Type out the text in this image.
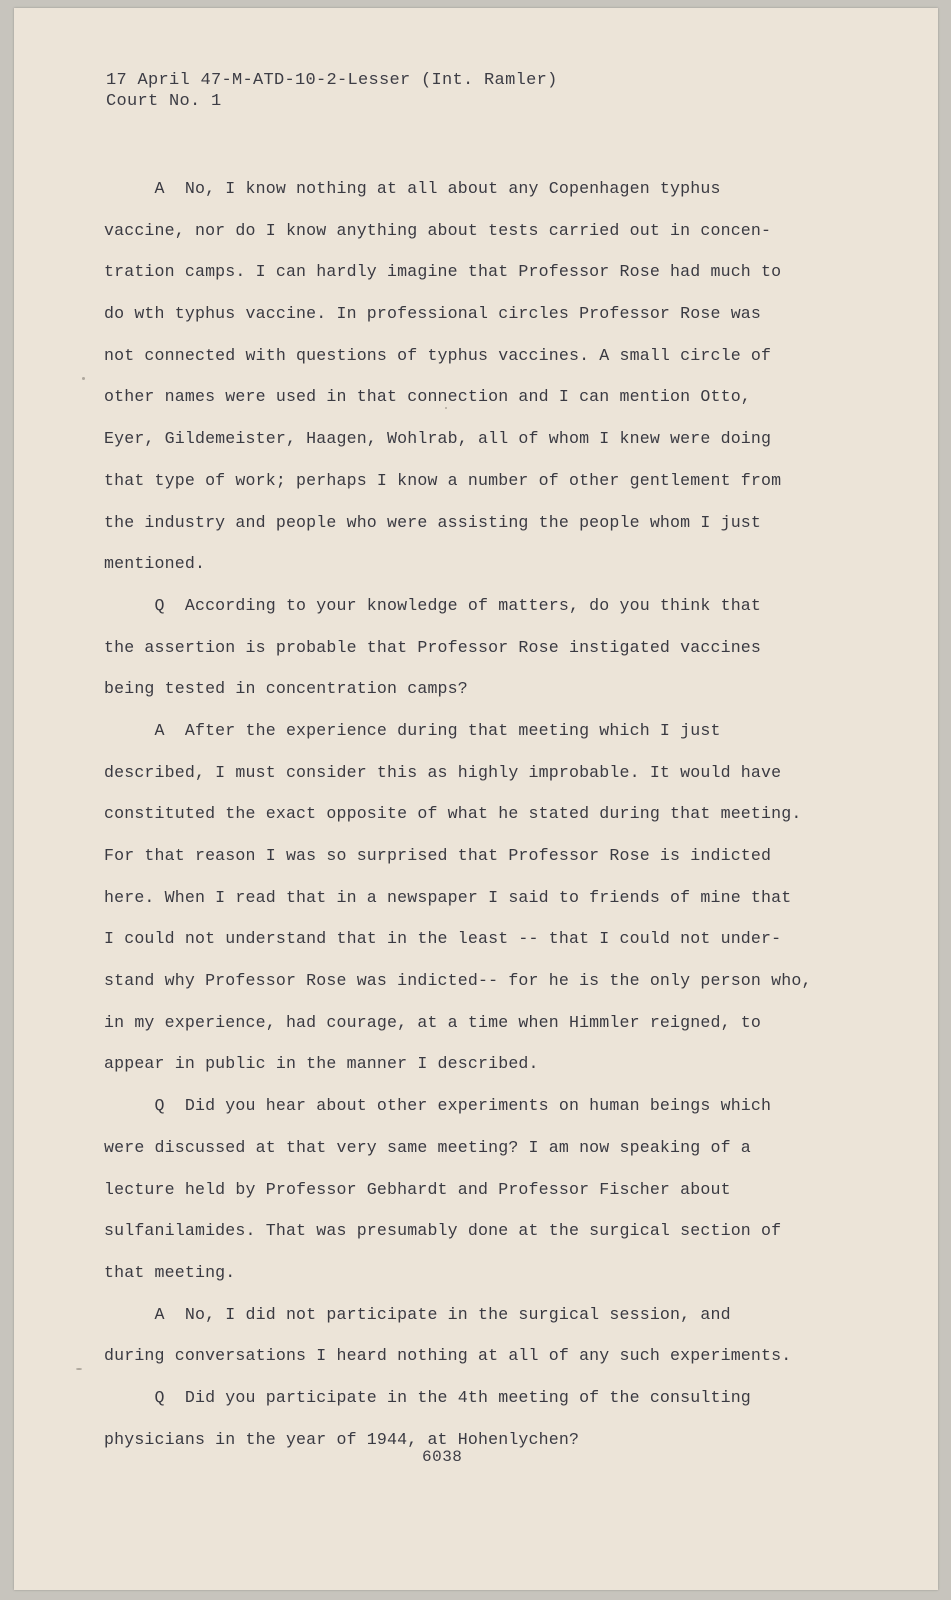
17 April 47-M-ATD-10-2-Lesser (Int. Ramler)
Court No. 1
A  No, I know nothing at all about any Copenhagen typhus
vaccine, nor do I know anything about tests carried out in concen-
tration camps. I can hardly imagine that Professor Rose had much to
do wth typhus vaccine. In professional circles Professor Rose was
not connected with questions of typhus vaccines. A small circle of
other names were used in that connection and I can mention Otto,
Eyer, Gildemeister, Haagen, Wohlrab, all of whom I knew were doing
that type of work; perhaps I know a number of other gentlement from
the industry and people who were assisting the people whom I just
mentioned.
Q  According to your knowledge of matters, do you think that
the assertion is probable that Professor Rose instigated vaccines
being tested in concentration camps?
A  After the experience during that meeting which I just
described, I must consider this as highly improbable. It would have
constituted the exact opposite of what he stated during that meeting.
For that reason I was so surprised that Professor Rose is indicted
here. When I read that in a newspaper I said to friends of mine that
I could not understand that in the least -- that I could not under-
stand why Professor Rose was indicted-- for he is the only person who,
in my experience, had courage, at a time when Himmler reigned, to
appear in public in the manner I described.
Q  Did you hear about other experiments on human beings which
were discussed at that very same meeting? I am now speaking of a
lecture held by Professor Gebhardt and Professor Fischer about
sulfanilamides. That was presumably done at the surgical section of
that meeting.
A  No, I did not participate in the surgical session, and
during conversations I heard nothing at all of any such experiments.
Q  Did you participate in the 4th meeting of the consulting
physicians in the year of 1944, at Hohenlychen?
6038
